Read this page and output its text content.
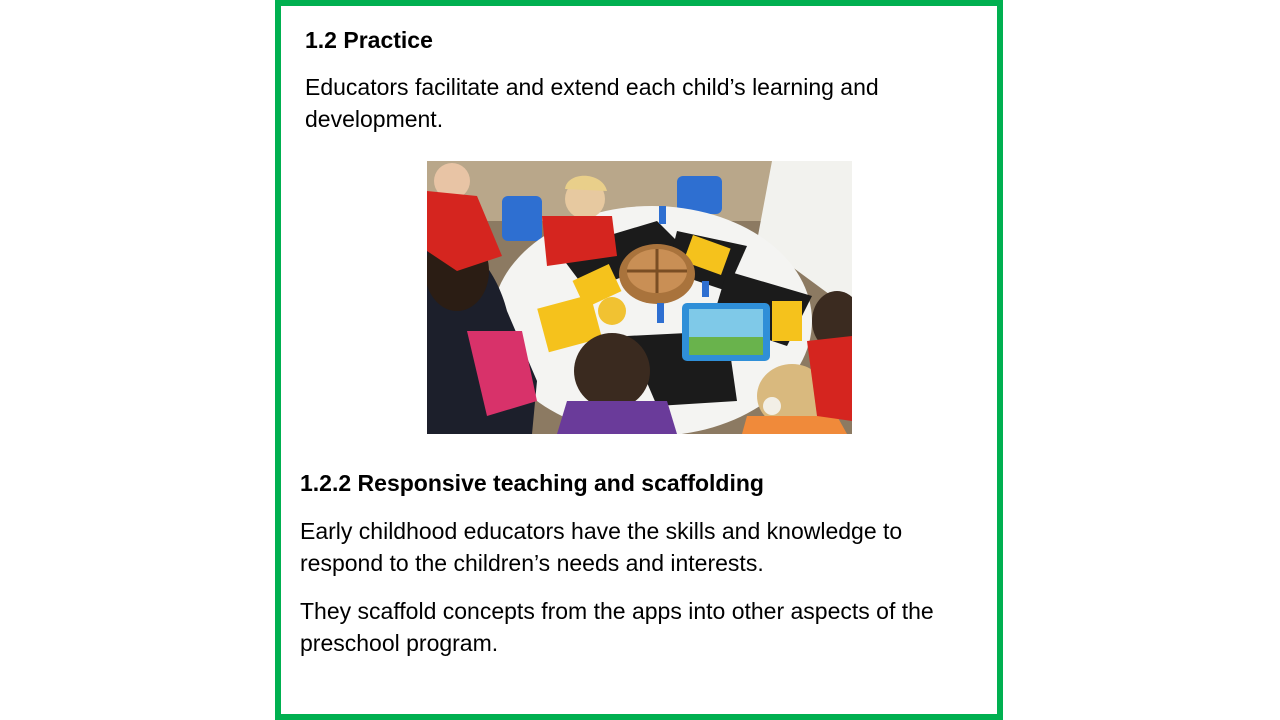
1.2 Practice

Educators facilitate and extend each child’s learning and development.

1.2.2 Responsive teaching and scaffolding

Early childhood educators have the skills and knowledge to respond to the children’s needs and interests.

They scaffold concepts from the apps into other aspects of the preschool program.
